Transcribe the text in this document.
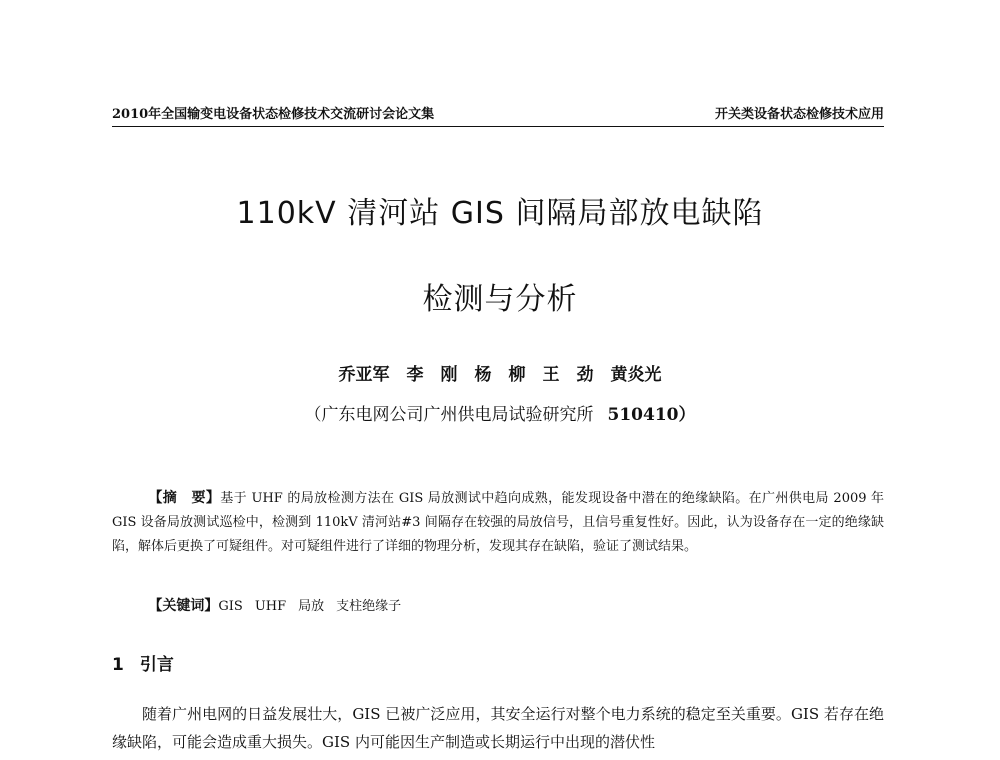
2010年全国输变电设备状态检修技术交流研讨会论文集	开关类设备状态检修技术应用
110kV 清河站 GIS 间隔局部放电缺陷
检测与分析
乔亚军　李　刚　杨　柳　王　劲　黄炎光
（广东电网公司广州供电局试验研究所 510410）

【摘　要】基于 UHF 的局放检测方法在 GIS 局放测试中趋向成熟，能发现设备中潜在的绝缘缺陷。在广州供电局 2009 年 GIS 设备局放测试巡检中，检测到 110kV 清河站#3 间隔存在较强的局放信号，且信号重复性好。因此，认为设备存在一定的绝缘缺陷，解体后更换了可疑组件。对可疑组件进行了详细的物理分析，发现其存在缺陷，验证了测试结果。

【关键词】GIS UHF 局放 支柱绝缘子

1 引言

随着广州电网的日益发展壮大，GIS 已被广泛应用，其安全运行对整个电力系统的稳定至关重要。GIS 若存在绝缘缺陷，可能会造成重大损失。GIS 内可能因生产制造或长期运行中出现的潜伏性
